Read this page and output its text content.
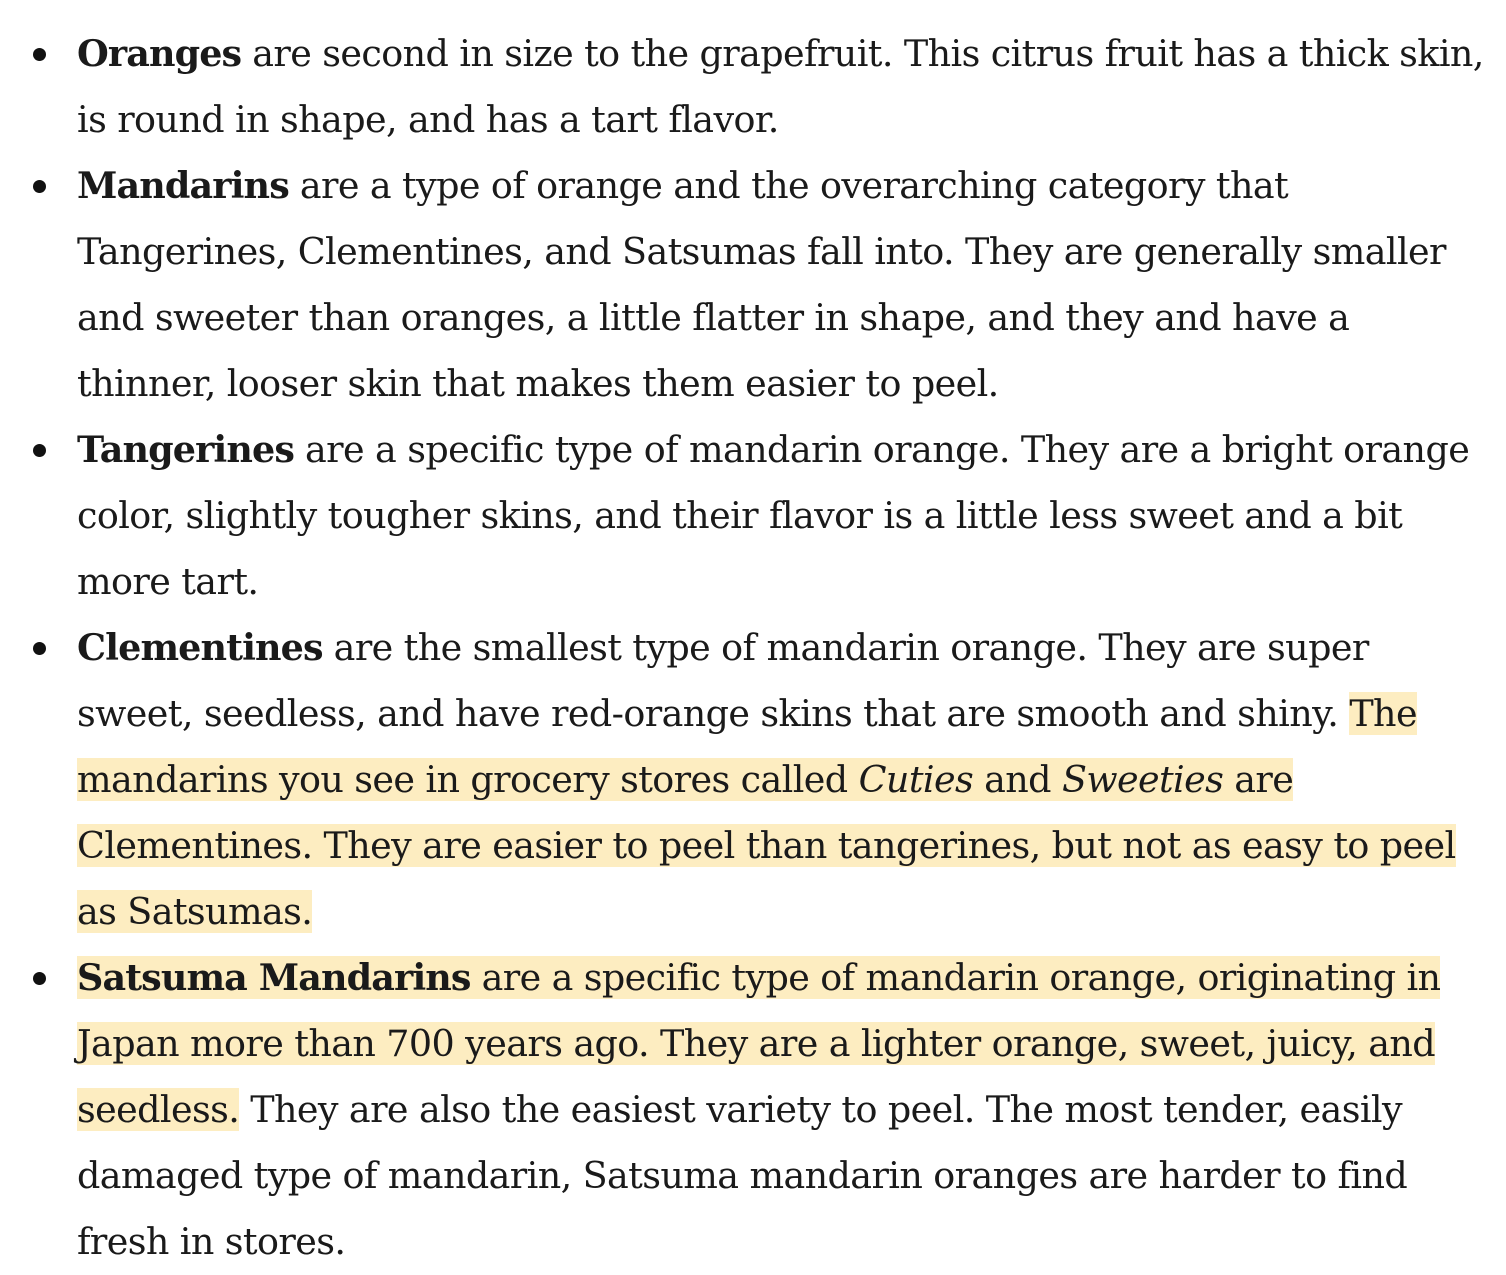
Oranges are second in size to the grapefruit. This citrus fruit has a thick skin, is round in shape, and has a tart flavor.
Mandarins are a type of orange and the overarching category that Tangerines, Clementines, and Satsumas fall into. They are generally smaller and sweeter than oranges, a little flatter in shape, and they and have a thinner, looser skin that makes them easier to peel.
Tangerines are a specific type of mandarin orange. They are a bright orange color, slightly tougher skins, and their flavor is a little less sweet and a bit more tart.
Clementines are the smallest type of mandarin orange. They are super sweet, seedless, and have red-orange skins that are smooth and shiny. The mandarins you see in grocery stores called Cuties and Sweeties are Clementines. They are easier to peel than tangerines, but not as easy to peel as Satsumas.
Satsuma Mandarins are a specific type of mandarin orange, originating in Japan more than 700 years ago. They are a lighter orange, sweet, juicy, and seedless. They are also the easiest variety to peel. The most tender, easily damaged type of mandarin, Satsuma mandarin oranges are harder to find fresh in stores.
